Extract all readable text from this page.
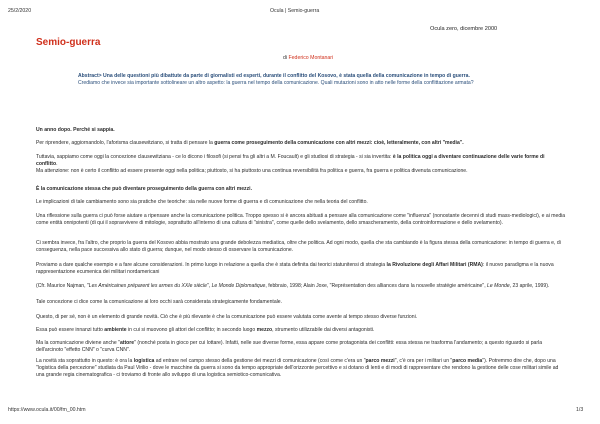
25/2/2020	Ocula | Semio-guerra
Ocula zero, dicembre 2000
Semio-guerra
di Federico Montanari
Abstract> Una delle questioni più dibattute da parte di giornalisti ed esperti, durante il conflitto del Kosovo, è stata quella della comunicazione in tempo di guerra.
Crediamo che invece sia importante sottolineare un altro aspetto: la guerra nel tempo della comunicazione. Quali mutazioni sono in atto nelle forme della conflittazione armata?
Un anno dopo. Perché si sappia.
Per riprendere, aggiornandolo, l'aforisma clausewitziano, si tratta di pensare la guerra come proseguimento della comunicazione con altri mezzi: cioè, letteralmente, con altri "media".
Tuttavia, sappiamo come oggi la concezione clausewitziana - ce lo dicono i filosofi (si pensi fra gli altri a M. Foucault) e gli studiosi di strategia - si sia invertita: è la politica oggi a diventare continuazione delle varie forme di conflitto.
Ma attenzione: non è certo il conflitto ad essere presente oggi nella politica; piuttosto, si ha piuttosto una continua reversibilità fra politica e guerra, fra guerra e politica divenuta comunicazione.
È la comunicazione stessa che può diventare proseguimento della guerra con altri mezzi.
Le implicazioni di tale cambiamento sono sia pratiche che teoriche: sia nelle nuove forme di guerra e di comunicazione che nella teoria del conflitto.
Una riflessione sulla guerra ci può forse aiutare a ripensare anche la comunicazione politica. Troppo spesso si è ancora abituati a pensare alla comunicazione come "influenza" (nonostante decenni di studi mass-mediologici), e ai media come entità onnipotenti (di qui il sopravvivere di mitologie, soprattutto all'interno di una cultura di "sinistra", come quelle dello svelamento, dello smascheramento, della controinformazione e dello svelamento).
Ci sembra invece, fra l'altro, che proprio la guerra del Kosovo abbia mostrato una grande debolezza mediatica, oltre che politica. Ad ogni modo, quella che sta cambiando è la figura stessa della comunicazione: in tempo di guerra e, di conseguenza, nella pace successiva allo stato di guerra; dunque, nel modo stesso di osservare la comunicazione.
Proviamo a dare qualche esempio e a fare alcune considerazioni. In primo luogo in relazione a quella che è stata definita dai teorici statunitensi di strategia la Rivoluzione degli Affari Militari (RMA): il nuovo paradigma e la nuova rappresentazione ecumenica dei militari nordamericani
(Cfr. Maurice Najman, "Les Américaines préparent les armes du XXIe siècle", Le Monde Diplomatique, febbraio, 1998; Alain Joxe, "Représentation des alliances dans la nouvelle stratégie américaine", Le Monde, 23 aprile, 1999).
Tale concezione ci dice come la comunicazione ai loro occhi sarà considerata strategicamente fondamentale.
Questo, di per sé, non è un elemento di grande novità. Ciò che è più rilevante è che la comunicazione può essere valutata come avente al tempo stesso diverse funzioni.
Essa può essere innanzi tutto ambiente in cui si muovono gli attori del conflitto; in secondo luogo mezzo, strumento utilizzabile dai diversi antagonisti.
Ma la comunicazione diviene anche "attore" (nonché posta in gioco per cui lottare). Infatti, nelle sue diverse forme, essa appare come protagonista dei conflitti: essa stessa ne trasforma l'andamento; a questo riguardo si parla dell'arcinoto "effetto CNN" o "curva CNN".
La novità sta soprattutto in questo: è ora la logistica ad entrare nel campo stesso della gestione dei mezzi di comunicazione (così come c'era un "parco mezzi", c'è ora per i militari un "parco media"). Potremmo dire che, dopo una "logistica della percezione" studiata da Paul Virilio - dove le macchine da guerra si sono da tempo appropriate dell'orizzonte percettivo e si dotano di lenti e di modi di rappresentare che rendono la gestione delle cose militari simile ad una grande regia cinematografica - ci troviamo di fronte allo sviluppo di una logistica semiotico-comunicativa.
https://www.ocula.it/00/fm_00.htm	1/3
